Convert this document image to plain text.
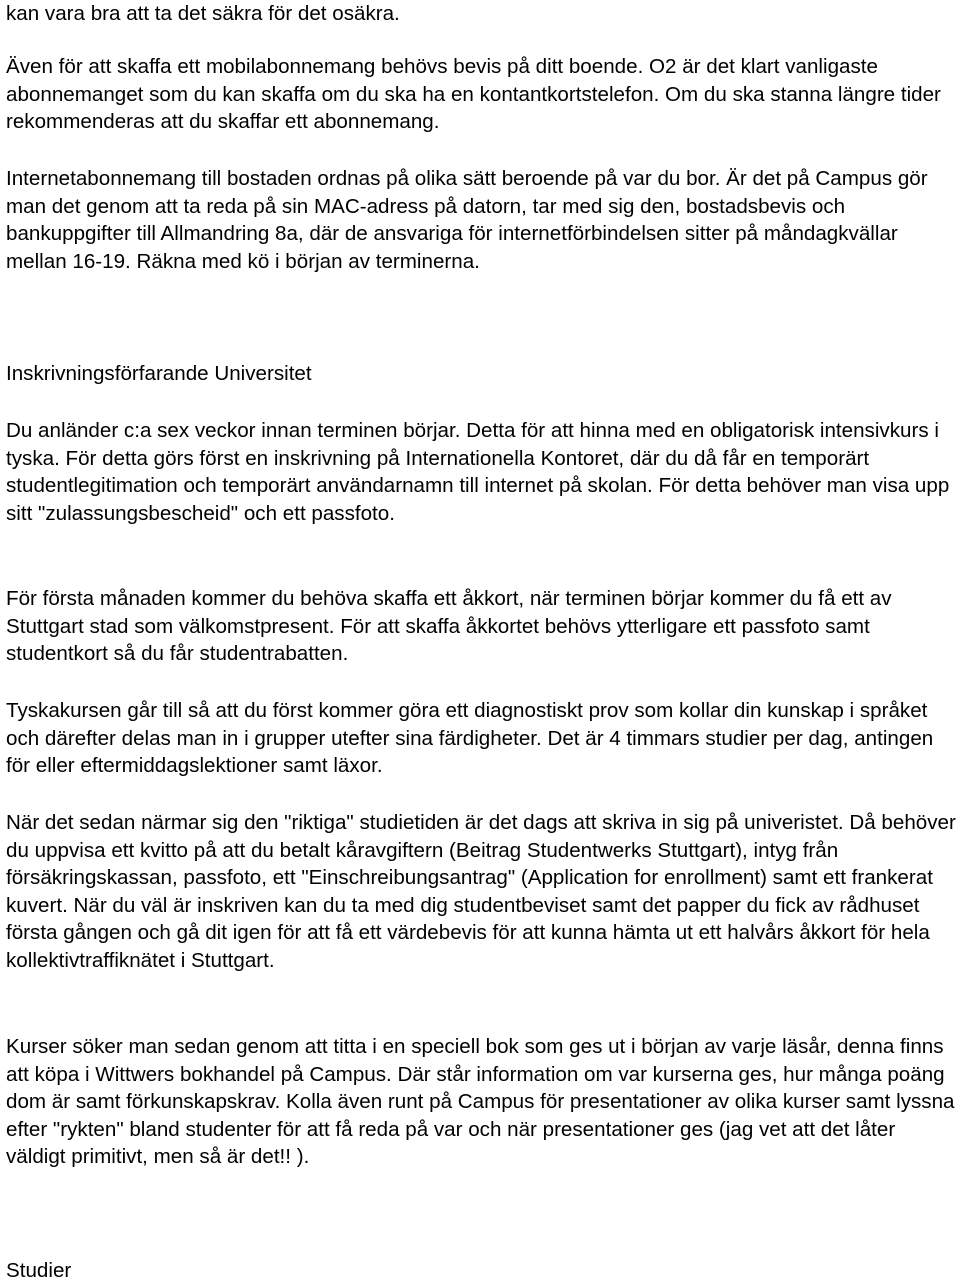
kan vara bra att ta det säkra för det osäkra.

Även för att skaffa ett mobilabonnemang behövs bevis på ditt boende. O2 är det klart vanligaste abonnemanget som du kan skaffa om du ska ha en kontantkortstelefon. Om du ska stanna längre tider rekommenderas att du skaffar ett abonnemang.

Internetabonnemang till bostaden ordnas på olika sätt beroende på var du bor. Är det på Campus gör man det genom att ta reda på sin MAC-adress på datorn, tar med sig den, bostadsbevis och bankuppgifter till Allmandring 8a, där de ansvariga för internetförbindelsen sitter på måndagkvällar mellan 16-19. Räkna med kö i början av terminerna.

Inskrivningsförfarande Universitet

Du anländer c:a sex veckor innan terminen börjar. Detta för att hinna med en obligatorisk intensivkurs i tyska. För detta görs först en inskrivning på Internationella Kontoret, där du då får en temporärt studentlegitimation och temporärt användarnamn till internet på skolan. För detta behöver man visa upp sitt "zulassungsbescheid" och ett passfoto.

För första månaden kommer du behöva skaffa ett åkkort, när terminen börjar kommer du få ett av Stuttgart stad som välkomstpresent. För att skaffa åkkortet behövs ytterligare ett passfoto samt studentkort så du får studentrabatten.

Tyskakursen går till så att du först kommer göra ett diagnostiskt prov som kollar din kunskap i språket och därefter delas man in i grupper utefter sina färdigheter. Det är 4 timmars studier per dag, antingen för eller eftermiddagslektioner samt läxor.

När det sedan närmar sig den "riktiga" studietiden är det dags att skriva in sig på univeristet. Då behöver du uppvisa ett kvitto på att du betalt kåravgiftern (Beitrag Studentwerks Stuttgart), intyg från försäkringskassan, passfoto, ett "Einschreibungsantrag" (Application for enrollment) samt ett frankerat kuvert. När du väl är inskriven kan du ta med dig studentbeviset samt det papper du fick av rådhuset första gången och gå dit igen för att få ett värdebevis för att kunna hämta ut ett halvårs åkkort för hela kollektivtraffiknätet i Stuttgart.

Kurser söker man sedan genom att titta i en speciell bok som ges ut i början av varje läsår, denna finns att köpa i Wittwers bokhandel på Campus. Där står information om var kurserna ges, hur många poäng dom är samt förkunskapskrav. Kolla även runt på Campus för presentationer av olika kurser samt lyssna efter "rykten" bland studenter för att få reda på var och när presentationer ges (jag vet att det låter väldigt primitivt, men så är det!! ).

Studier
